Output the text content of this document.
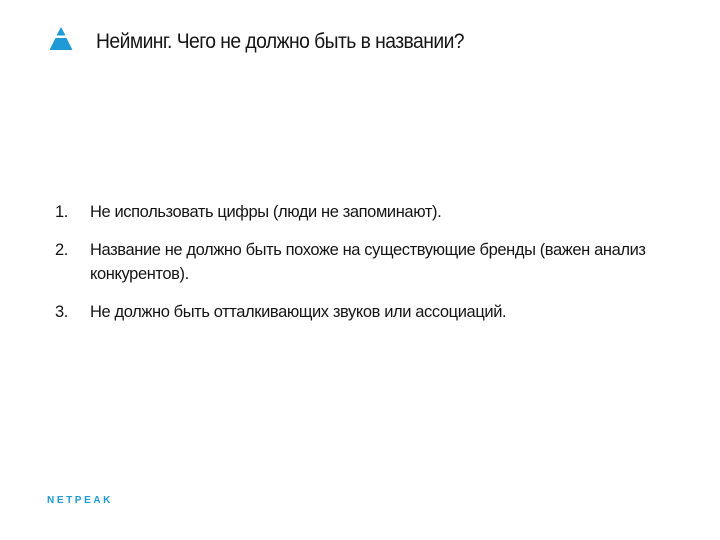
Нейминг. Чего не должно быть в названии?
1.	Не использовать цифры (люди не запоминают).
2.	Название не должно быть похоже на существующие бренды (важен анализ конкурентов).
3.	Не должно быть отталкивающих звуков или ассоциаций.
NETPEAK
